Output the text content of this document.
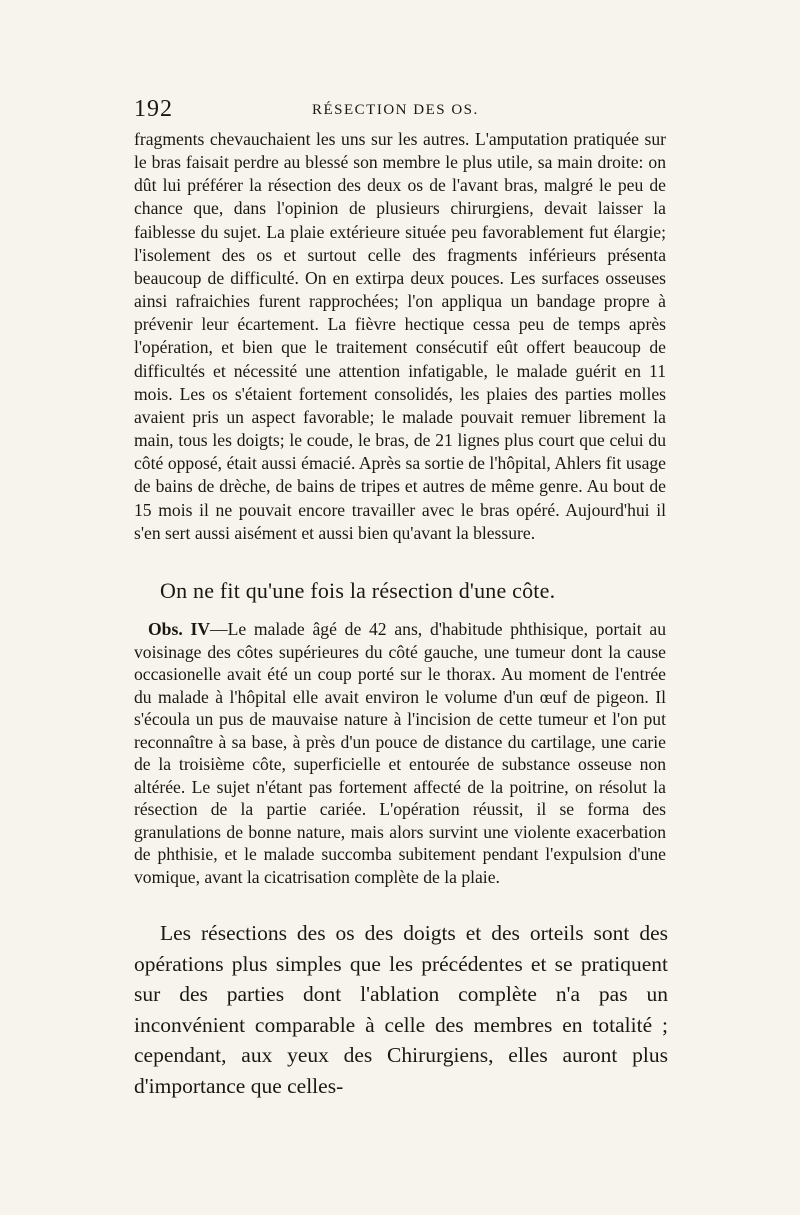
192	RÉSECTION DES OS.

fragments chevauchaient les uns sur les autres. L'amputation pratiquée sur le bras faisait perdre au blessé son membre le plus utile, sa main droite: on dût lui préférer la résection des deux os de l'avant bras, malgré le peu de chance que, dans l'opinion de plusieurs chirurgiens, devait laisser la faiblesse du sujet. La plaie extérieure située peu favorablement fut élargie; l'isolement des os et surtout celle des fragments inférieurs présenta beaucoup de difficulté. On en extirpa deux pouces. Les surfaces osseuses ainsi rafraichies furent rapprochées; l'on appliqua un bandage propre à prévenir leur écartement. La fièvre hectique cessa peu de temps après l'opération, et bien que le traitement consécutif eût offert beaucoup de difficultés et nécessité une attention infatigable, le malade guérit en 11 mois. Les os s'étaient fortement consolidés, les plaies des parties molles avaient pris un aspect favorable; le malade pouvait remuer librement la main, tous les doigts; le coude, le bras, de 21 lignes plus court que celui du côté opposé, était aussi émacié. Après sa sortie de l'hôpital, Ahlers fit usage de bains de drèche, de bains de tripes et autres de même genre. Au bout de 15 mois il ne pouvait encore travailler avec le bras opéré. Aujourd'hui il s'en sert aussi aisément et aussi bien qu'avant la blessure.

On ne fit qu'une fois la résection d'une côte.

Obs. IV—Le malade âgé de 42 ans, d'habitude phthisique, portait au voisinage des côtes supérieures du côté gauche, une tumeur dont la cause occasionelle avait été un coup porté sur le thorax. Au moment de l'entrée du malade à l'hôpital elle avait environ le volume d'un œuf de pigeon. Il s'écoula un pus de mauvaise nature à l'incision de cette tumeur et l'on put reconnaître à sa base, à près d'un pouce de distance du cartilage, une carie de la troisième côte, superficielle et entourée de substance osseuse non altérée. Le sujet n'étant pas fortement affecté de la poitrine, on résolut la résection de la partie cariée. L'opération réussit, il se forma des granulations de bonne nature, mais alors survint une violente exacerbation de phthisie, et le malade succomba subitement pendant l'expulsion d'une vomique, avant la cicatrisation complète de la plaie.

Les résections des os des doigts et des orteils sont des opérations plus simples que les précédentes et se pratiquent sur des parties dont l'ablation complète n'a pas un inconvénient comparable à celle des membres en totalité ; cependant, aux yeux des Chirurgiens, elles auront plus d'importance que celles-
